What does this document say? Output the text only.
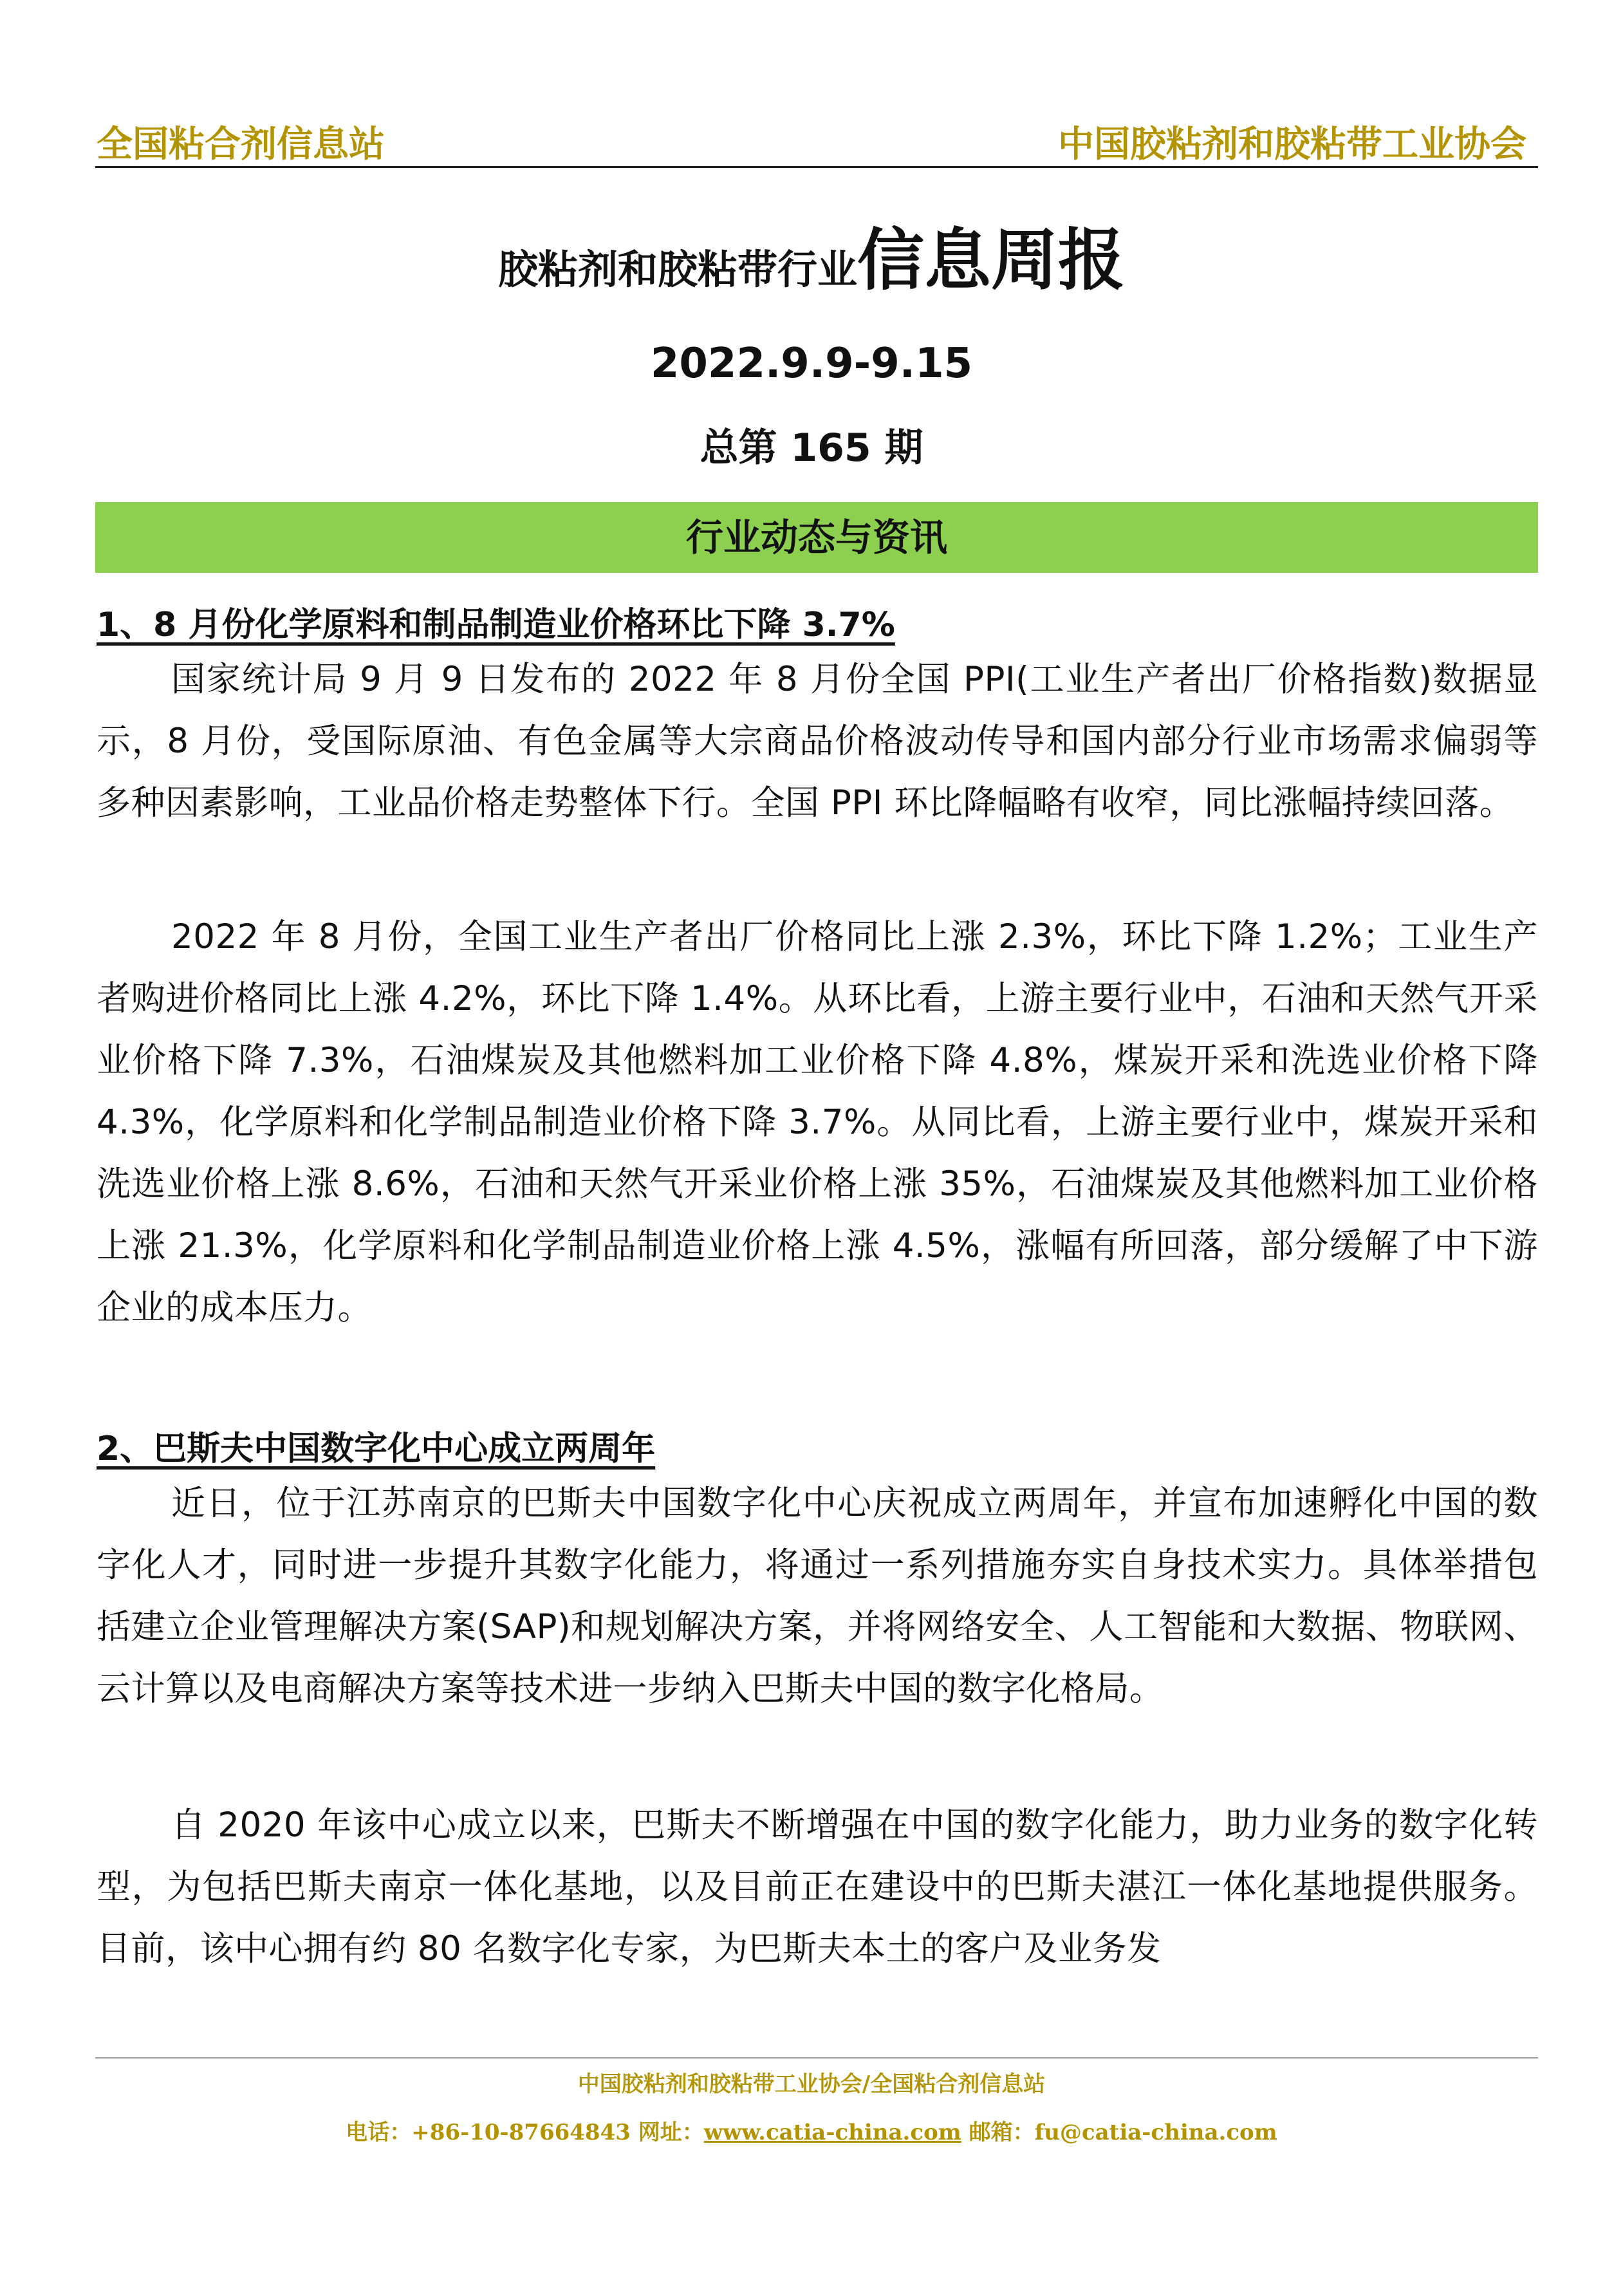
全国粘合剂信息站	中国胶粘剂和胶粘带工业协会
胶粘剂和胶粘带行业信息周报
2022.9.9-9.15
总第 165 期
行业动态与资讯
1、8 月份化学原料和制品制造业价格环比下降 3.7%

国家统计局 9 月 9 日发布的 2022 年 8 月份全国 PPI(工业生产者出厂价格指数)数据显示，8 月份，受国际原油、有色金属等大宗商品价格波动传导和国内部分行业市场需求偏弱等多种因素影响，工业品价格走势整体下行。全国 PPI 环比降幅略有收窄，同比涨幅持续回落。

2022 年 8 月份，全国工业生产者出厂价格同比上涨 2.3%，环比下降 1.2%；工业生产者购进价格同比上涨 4.2%，环比下降 1.4%。从环比看，上游主要行业中，石油和天然气开采业价格下降 7.3%，石油煤炭及其他燃料加工业价格下降 4.8%，煤炭开采和洗选业价格下降 4.3%，化学原料和化学制品制造业价格下降 3.7%。从同比看，上游主要行业中，煤炭开采和洗选业价格上涨 8.6%，石油和天然气开采业价格上涨 35%，石油煤炭及其他燃料加工业价格上涨 21.3%，化学原料和化学制品制造业价格上涨 4.5%，涨幅有所回落，部分缓解了中下游企业的成本压力。

2、巴斯夫中国数字化中心成立两周年

近日，位于江苏南京的巴斯夫中国数字化中心庆祝成立两周年，并宣布加速孵化中国的数字化人才，同时进一步提升其数字化能力，将通过一系列措施夯实自身技术实力。具体举措包括建立企业管理解决方案(SAP)和规划解决方案，并将网络安全、人工智能和大数据、物联网、云计算以及电商解决方案等技术进一步纳入巴斯夫中国的数字化格局。

自 2020 年该中心成立以来，巴斯夫不断增强在中国的数字化能力，助力业务的数字化转型，为包括巴斯夫南京一体化基地，以及目前正在建设中的巴斯夫湛江一体化基地提供服务。目前，该中心拥有约 80 名数字化专家，为巴斯夫本土的客户及业务发

中国胶粘剂和胶粘带工业协会/全国粘合剂信息站
电话：+86-10-87664843 网址：www.catia-china.com 邮箱：fu@catia-china.com
